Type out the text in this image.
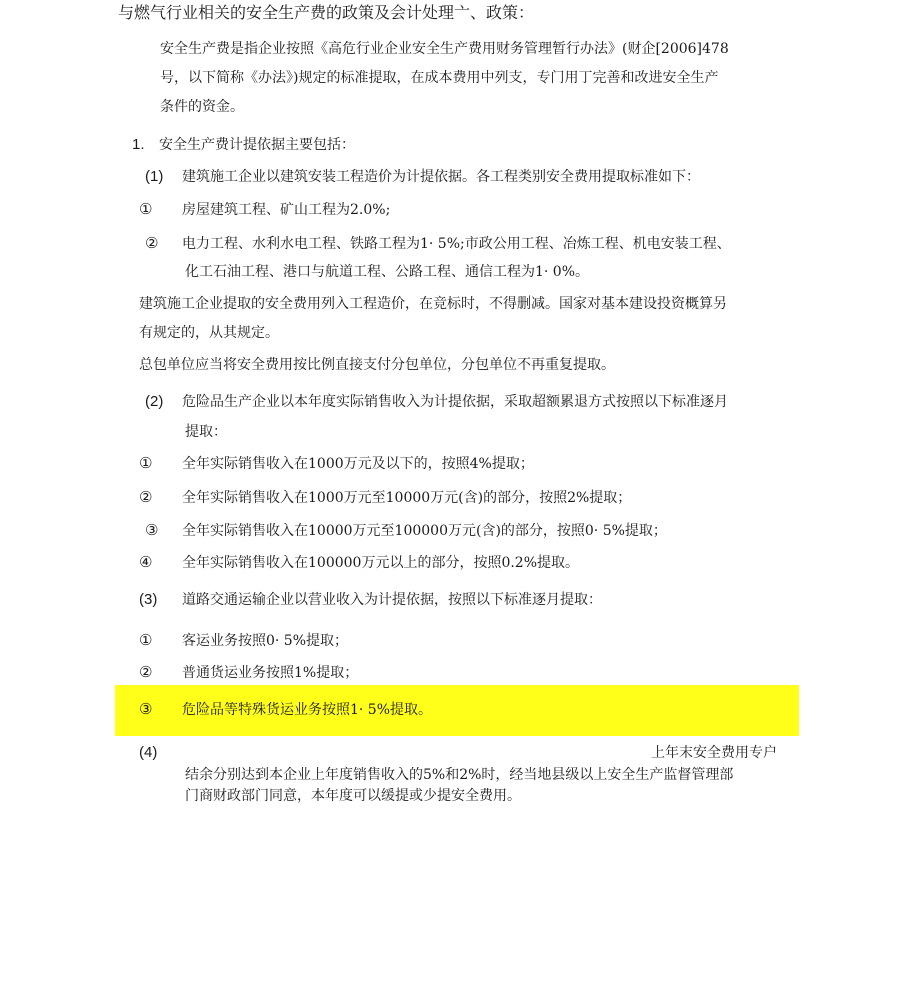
与燃气行业相关的安全生产费的政策及会计处理亠、政策：
安全生产费是指企业按照《高危行业企业安全生产费用财务管理暂行办法》(财企[2006]478
号，以下简称《办法》)规定的标准提取，在成本费用中列支，专门用丁完善和改进安全生产
条件的资金。
1. 安全生产费计提依据主要包括：
(1) 建筑施工企业以建筑安装工程造价为计提依据。各工程类别安全费用提取标准如下：
① 房屋建筑工程、矿山工程为2.0%;
② 电力工程、水利水电工程、铁路工程为1· 5%;市政公用工程、冶炼工程、机电安装工程、
化工石油工程、港口与航道工程、公路工程、通信工程为1· 0%。
建筑施工企业提取的安全费用列入工程造价，在竞标时，不得删减。国家对基本建设投资概算另
有规定的，从其规定。
总包单位应当将安全费用按比例直接支付分包单位，分包单位不再重复提取。
(2) 危险品生产企业以本年度实际销售收入为计提依据，采取超额累退方式按照以下标准逐月
提取：
① 全年实际销售收入在1000万元及以下的，按照4%提取；
② 全年实际销售收入在1000万元至10000万元(含)的部分，按照2%提取；
③ 全年实际销售收入在10000万元至100000万元(含)的部分，按照0· 5%提取；
④ 全年实际销售收入在100000万元以上的部分，按照0.2%提取。
(3) 道路交通运输企业以营业收入为计提依据，按照以下标准逐月提取：
① 客运业务按照0· 5%提取；
② 普通货运业务按照1%提取；
③ 危险品等特殊货运业务按照1· 5%提取。
(4)	上年末安全费用专户
结余分别达到本企业上年度销售收入的5%和2%时，经当地县级以上安全生产监督管理部
门商财政部门同意，本年度可以缓提或少提安全费用。
